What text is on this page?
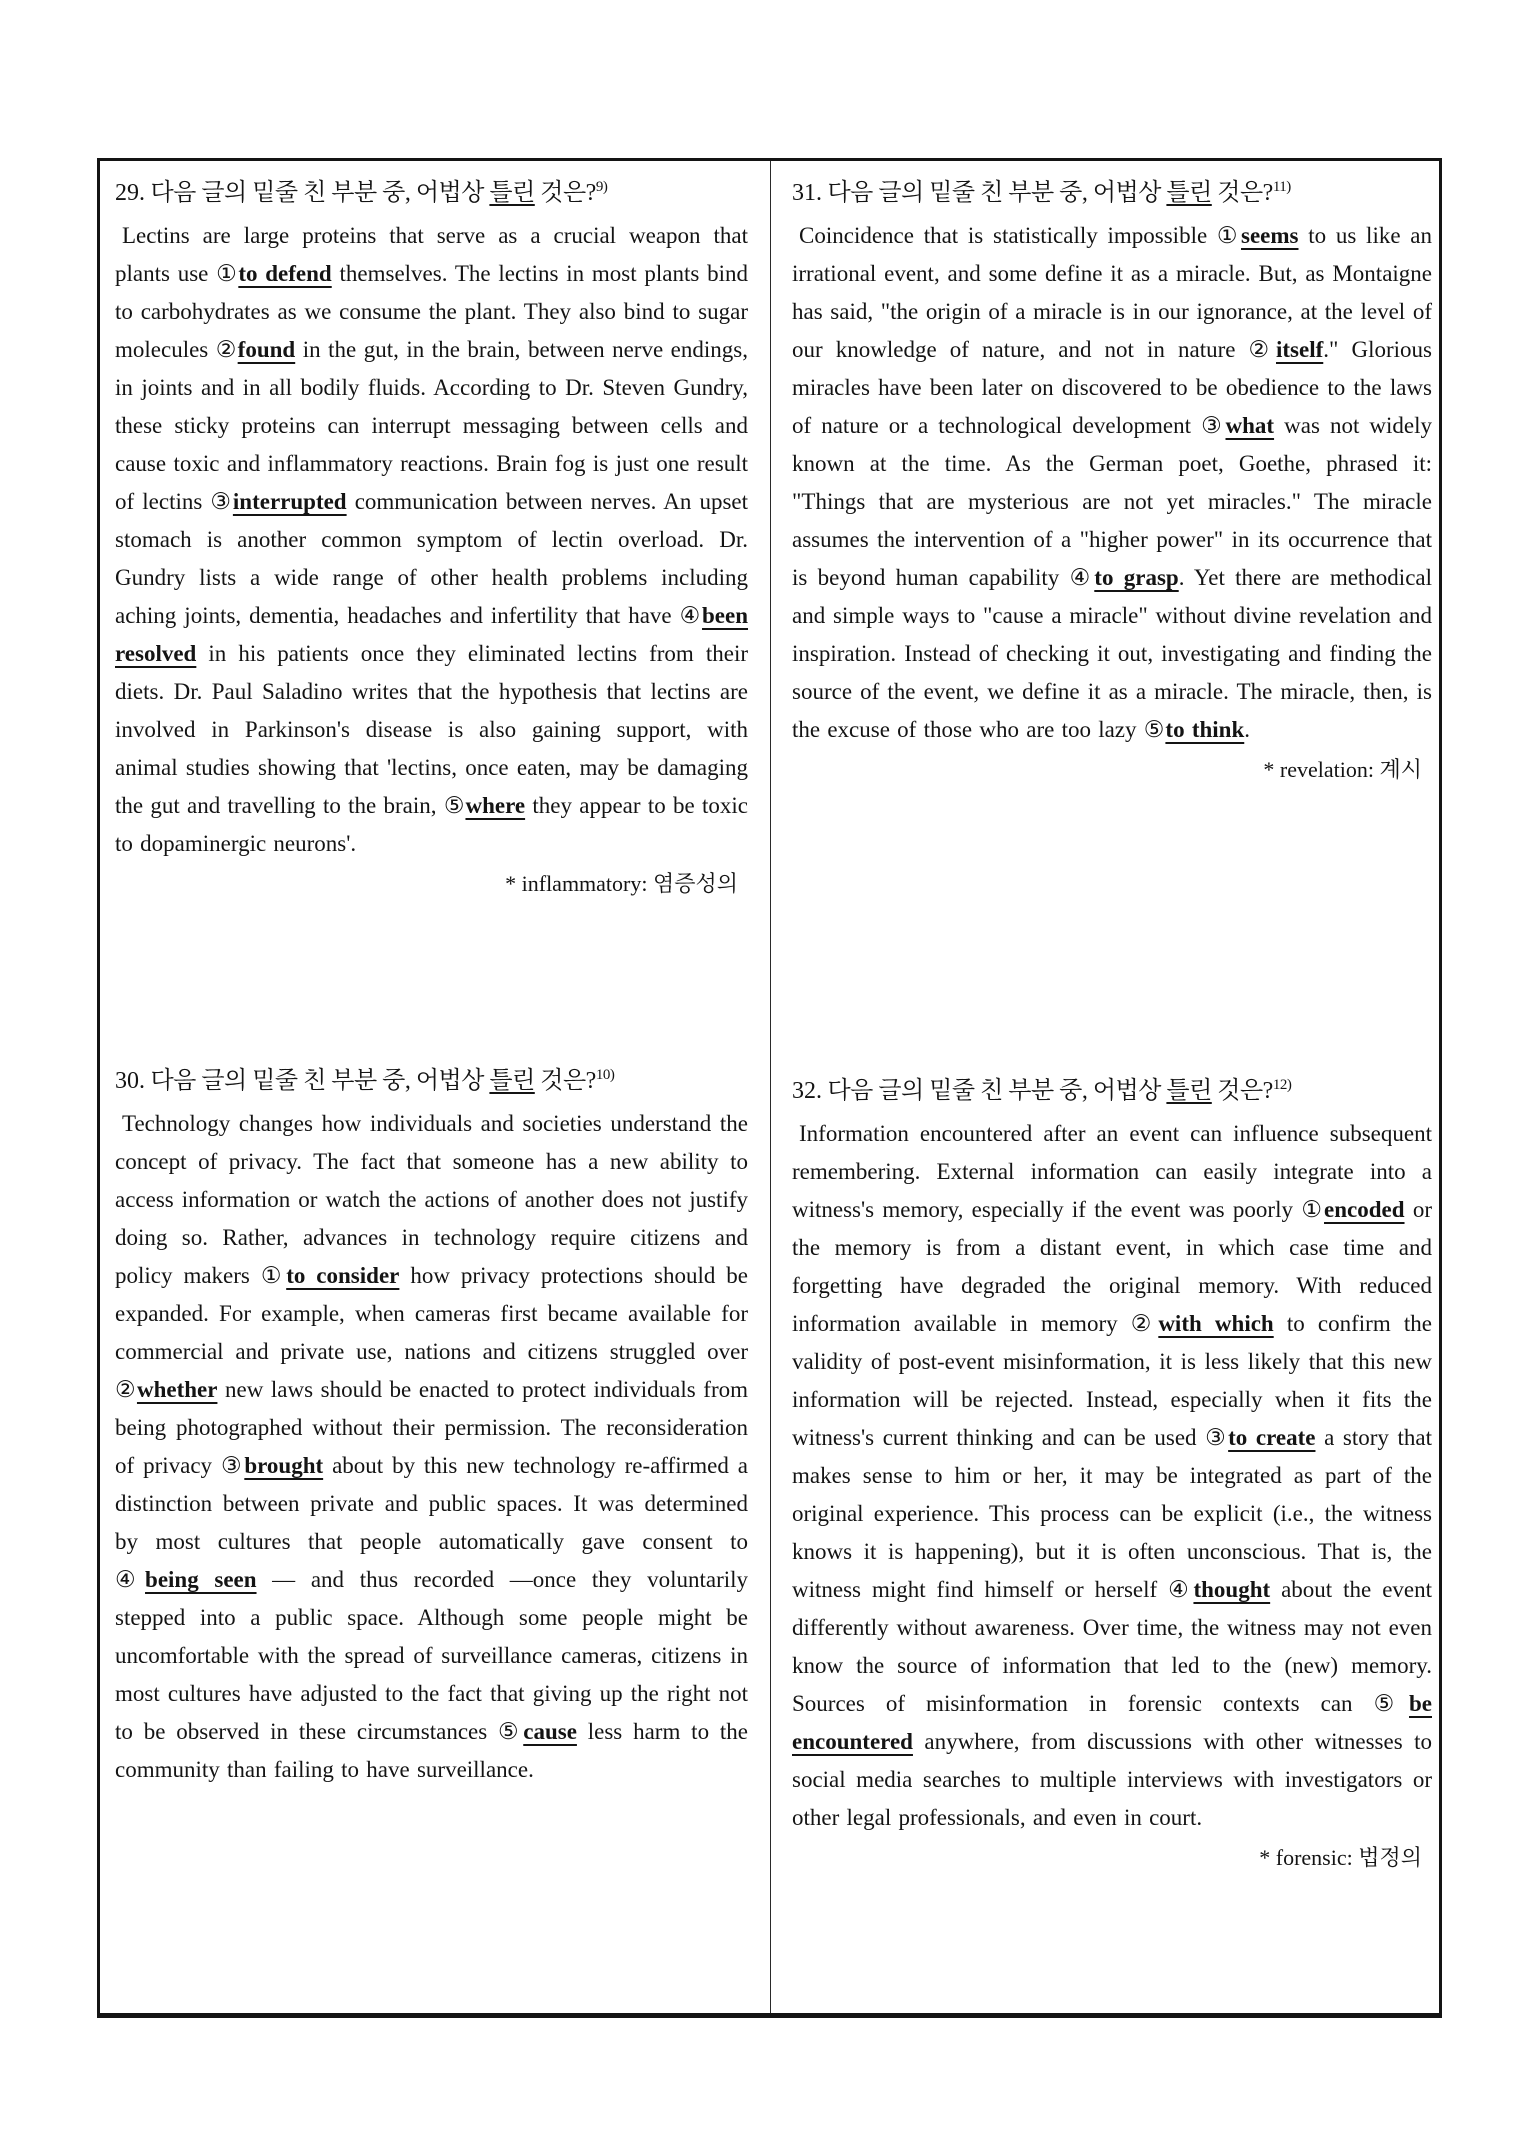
29. 다음 글의 밑줄 친 부분 중, 어법상 틀린 것은?$^{9)}$

Lectins are large proteins that serve as a crucial weapon that plants use ①to defend themselves. The lectins in most plants bind to carbohydrates as we consume the plant. They also bind to sugar molecules ②found in the gut, in the brain, between nerve endings, in joints and in all bodily fluids. According to Dr. Steven Gundry, these sticky proteins can interrupt messaging between cells and cause toxic and inflammatory reactions. Brain fog is just one result of lectins ③interrupted communication between nerves. An upset stomach is another common symptom of lectin overload. Dr. Gundry lists a wide range of other health problems including aching joints, dementia, headaches and infertility that have ④been resolved in his patients once they eliminated lectins from their diets. Dr. Paul Saladino writes that the hypothesis that lectins are involved in Parkinson's disease is also gaining support, with animal studies showing that 'lectins, once eaten, may be damaging the gut and travelling to the brain, ⑤where they appear to be toxic to dopaminergic neurons'.

* inflammatory: 염증성의
30. 다음 글의 밑줄 친 부분 중, 어법상 틀린 것은?$^{10)}$

Technology changes how individuals and societies understand the concept of privacy. The fact that someone has a new ability to access information or watch the actions of another does not justify doing so. Rather, advances in technology require citizens and policy makers ①to consider how privacy protections should be expanded. For example, when cameras first became available for commercial and private use, nations and citizens struggled over ②whether new laws should be enacted to protect individuals from being photographed without their permission. The reconsideration of privacy ③brought about by this new technology re-affirmed a distinction between private and public spaces. It was determined by most cultures that people automatically gave consent to ④being seen ― and thus recorded ―once they voluntarily stepped into a public space. Although some people might be uncomfortable with the spread of surveillance cameras, citizens in most cultures have adjusted to the fact that giving up the right not to be observed in these circumstances ⑤cause less harm to the community than failing to have surveillance.

31. 다음 글의 밑줄 친 부분 중, 어법상 틀린 것은?$^{11)}$

Coincidence that is statistically impossible ①seems to us like an irrational event, and some define it as a miracle. But, as Montaigne has said, "the origin of a miracle is in our ignorance, at the level of our knowledge of nature, and not in nature ②itself." Glorious miracles have been later on discovered to be obedience to the laws of nature or a technological development ③what was not widely known at the time. As the German poet, Goethe, phrased it: "Things that are mysterious are not yet miracles." The miracle assumes the intervention of a "higher power" in its occurrence that is beyond human capability ④to grasp. Yet there are methodical and simple ways to "cause a miracle" without divine revelation and inspiration. Instead of checking it out, investigating and finding the source of the event, we define it as a miracle. The miracle, then, is the excuse of those who are too lazy ⑤to think.

* revelation: 계시
32. 다음 글의 밑줄 친 부분 중, 어법상 틀린 것은?$^{12)}$

Information encountered after an event can influence subsequent remembering. External information can easily integrate into a witness's memory, especially if the event was poorly ①encoded or the memory is from a distant event, in which case time and forgetting have degraded the original memory. With reduced information available in memory ②with which to confirm the validity of post-event misinformation, it is less likely that this new information will be rejected. Instead, especially when it fits the witness's current thinking and can be used ③to create a story that makes sense to him or her, it may be integrated as part of the original experience. This process can be explicit (i.e., the witness knows it is happening), but it is often unconscious. That is, the witness might find himself or herself ④thought about the event differently without awareness. Over time, the witness may not even know the source of information that led to the (new) memory. Sources of misinformation in forensic contexts can ⑤be encountered anywhere, from discussions with other witnesses to social media searches to multiple interviews with investigators or other legal professionals, and even in court.

* forensic: 법정의
